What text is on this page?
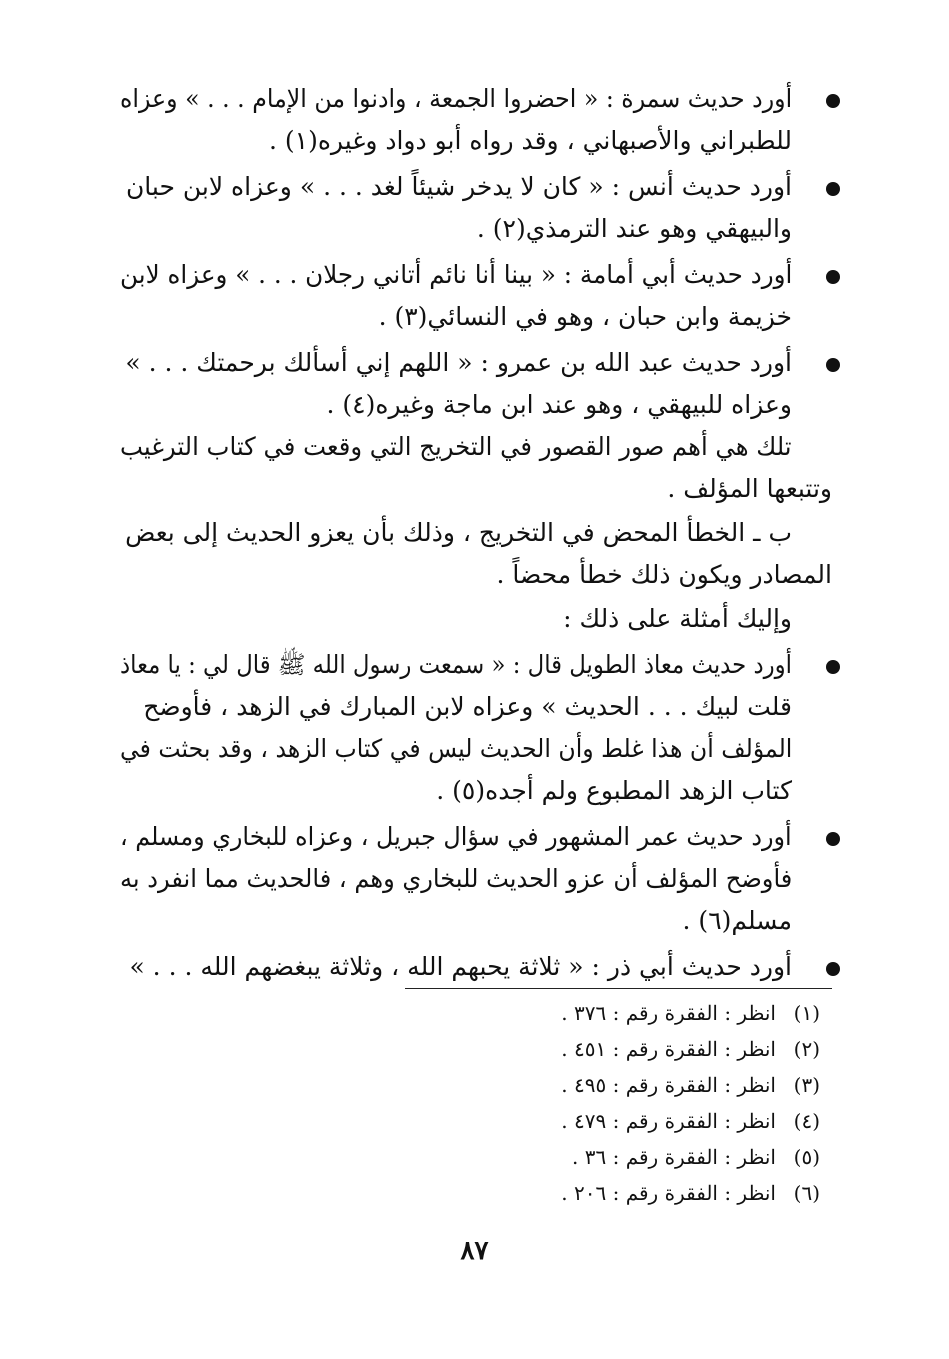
أورد حديث سمرة : « احضروا الجمعة ، وادنوا من الإمام . . . » وعزاه
للطبراني والأصبهاني ، وقد رواه أبو دواد وغيره(١) .
أورد حديث أنس : « كان لا يدخر شيئاً لغد . . . » وعزاه لابن حبان
والبيهقي وهو عند الترمذي(٢) .
أورد حديث أبي أمامة : « بينا أنا نائم أتاني رجلان . . . » وعزاه لابن
خزيمة وابن حبان ، وهو في النسائي(٣) .
أورد حديث عبد الله بن عمرو : « اللهم إني أسألك برحمتك . . . »
وعزاه للبيهقي ، وهو عند ابن ماجة وغيره(٤) .
تلك هي أهم صور القصور في التخريج التي وقعت في كتاب الترغيب
وتتبعها المؤلف .
ب ـ الخطأ المحض في التخريج ، وذلك بأن يعزو الحديث إلى بعض
المصادر ويكون ذلك خطأ محضاً .
وإليك أمثلة على ذلك :
أورد حديث معاذ الطويل قال : « سمعت رسول الله ﷺ قال لي : يا معاذ
قلت لبيك . . . الحديث » وعزاه لابن المبارك في الزهد ، فأوضح
المؤلف أن هذا غلط وأن الحديث ليس في كتاب الزهد ، وقد بحثت في
كتاب الزهد المطبوع ولم أجده(٥) .
أورد حديث عمر المشهور في سؤال جبريل ، وعزاه للبخاري ومسلم ،
فأوضح المؤلف أن عزو الحديث للبخاري وهم ، فالحديث مما انفرد به
مسلم(٦) .
أورد حديث أبي ذر : « ثلاثة يحبهم الله ، وثلاثة يبغضهم الله . . . »
(١)انظر : الفقرة رقم : ٣٧٦ .
(٢)انظر : الفقرة رقم : ٤٥١ .
(٣)انظر : الفقرة رقم : ٤٩٥ .
(٤)انظر : الفقرة رقم : ٤٧٩ .
(٥)انظر : الفقرة رقم : ٣٦ .
(٦)انظر : الفقرة رقم : ٢٠٦ .
٨٧
